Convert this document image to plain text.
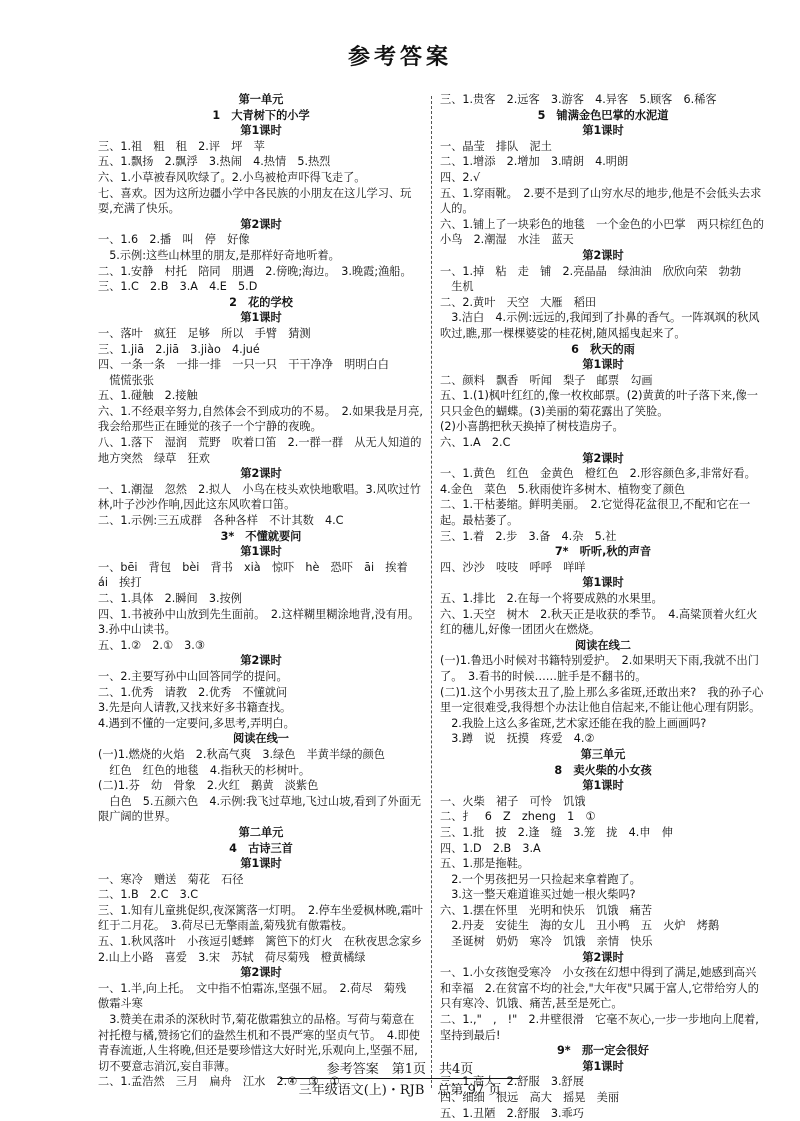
参考答案
第一单元
1　大青树下的小学
第1课时
三、1.祖　粗　租　2.评　坪　苹
五、1.飘扬　2.飘浮　3.热闹　4.热情　5.热烈
六、1.小草被春风吹绿了。2.小鸟被枪声吓得飞走了。
七、喜欢。因为这所边疆小学中各民族的小朋友在这儿学习、玩耍,充满了快乐。
第2课时
一、1.6　2.播　叫　停　好像
　5.示例:这些山林里的朋友,是那样好奇地听着。
二、1.安静　村托　陪同　朋遇　2.傍晚;海边。　3.晚霞;渔船。
三、1.C　2.B　3.A　4.E　5.D
2　花的学校
第1课时
一、落叶　疯狂　足够　所以　手臂　猜测
三、1.jiā　2.jiā　3.jiào　4.jué
四、一条一条　一排一排　一只一只　干干净净　明明白白
　慌慌张张
五、1.碰触　2.接触
六、1.不经艰辛努力,自然体会不到成功的不易。　2.如果我是月亮,我会给那些正在睡觉的孩子一个宁静的夜晚。
八、1.落下　湿润　荒野　吹着口笛　2.一群一群　从无人知道的地方突然　绿草　狂欢
第2课时
一、1.潮湿　忽然　2.拟人　小鸟在枝头欢快地歌唱。3.风吹过竹林,叶子沙沙作响,因此这东风吹着口笛。
二、1.示例:三五成群　各种各样　不计其数　4.C
3*　不懂就要问
第1课时
一、bēi　背包　bèi　背书　xià　惊吓　hè　恐吓　āi　挨着　ái　挨打
二、1.具体　2.瞬间　3.按例
四、1.书被孙中山放到先生面前。　2.这样糊里糊涂地背,没有用。　3.孙中山读书。
五、1.②　2.①　3.③
第2课时
一、2.主要写孙中山回答同学的提问。
二、1.优秀　请教　2.优秀　不懂就问
3.先是向人请教,又找来好多书籍查找。
4.遇到不懂的一定要问,多思考,弄明白。
阅读在线一
(一)1.燃烧的火焰　2.秋高气爽　3.绿色　半黄半绿的颜色
　红色　红色的地毯　4.指秋天的杉树叶。
(二)1.芬　幼　骨象　2.火红　鹅黄　淡紫色
　白色　5.五颜六色　4.示例:我飞过草地,飞过山坡,看到了外面无限广阔的世界。
第二单元
4　古诗三首
第1课时
一、寒冷　赠送　菊花　石径
二、1.B　2.C　3.C
三、1.知有儿童挑促织,夜深篱落一灯明。　2.停车坐爱枫林晚,霜叶红于二月花。　3.荷尽已无擎雨盖,菊残犹有傲霜枝。
五、1.秋风落叶　小孩逗引蟋蟀　篱笆下的灯火　在秋夜思念家乡　2.山上小路　喜爱　3.宋　苏轼　荷尽菊残　橙黄橘绿
第2课时
一、1.半,向上托。　文中指不怕霜冻,坚强不屈。　2.荷尽　菊残　傲霜斗寒
　3.赞美在肃杀的深秋时节,菊花傲霜独立的品格。写荷与菊意在衬托橙与橘,赞扬它们的盎然生机和不畏严寒的坚贞气节。　4.即使青春流逝,人生将晚,但还是要珍惜这大好时光,乐观向上,坚强不屈,切不要意志消沉,妄自菲薄。
二、1.孟浩然　三月　扁舟　江水　2.④　③　①
三、1.贵客　2.远客　3.游客　4.异客　5.顾客　6.稀客
5　铺满金色巴掌的水泥道
第1课时
一、晶莹　排队　泥土
二、1.增添　2.增加　3.晴朗　4.明朗
四、2.√
五、1.穿雨靴。　2.要不是到了山穷水尽的地步,他是不会低头去求人的。
六、1.铺上了一块彩色的地毯　一个金色的小巴掌　两只棕红色的小鸟　2.潮湿　水洼　蓝天
第2课时
一、1.掉　粘　走　铺　2.亮晶晶　绿油油　欣欣向荣　勃勃
　生机
二、2.黄叶　天空　大雁　稻田
　3.洁白　4.示例:远远的,我闻到了扑鼻的香气。一阵飒飒的秋风吹过,瞧,那一棵棵婆娑的桂花树,随风摇曳起来了。
6　秋天的雨
第1课时
二、颜料　飘香　听闻　梨子　邮票　勾画
五、1.(1)枫叶红红的,像一枚枚邮票。(2)黄黄的叶子落下来,像一只只金色的蝴蝶。(3)美丽的菊花露出了笑脸。
(2)小喜鹊把秋天换掉了树枝造房子。
六、1.A　2.C
第2课时
一、1.黄色　红色　金黄色　橙红色　2.形容颜色多,非常好看。　4.金色　菜色　5.秋雨使许多树木、植物变了颜色
二、1.干枯萎缩。鲜明美丽。　2.它觉得花盆很卫,不配和它在一起。最枯萎了。
三、1.着　2.步　3.备　4.杂　5.社
7*　听听,秋的声音
四、沙沙　吱吱　呼呼　咩咩
第1课时
五、1.排比　2.在每一个将要成熟的水果里。
六、1.天空　树木　2.秋天正是收获的季节。　4.高粱顶着火红火红的穗儿,好像一团团火在燃烧。
阅读在线二
(一)1.鲁迅小时候对书籍特别爱护。　2.如果明天下雨,我就不出门了。　3.看书的时候……脏手是不翻书的。
(二)1.这个小男孩太丑了,脸上那么多雀斑,还敢出来?　我的孙子心里一定很难受,我得想个办法让他自信起来,不能让他心理有阴影。
　2.我脸上这么多雀斑,艺术家还能在我的脸上画画吗?
　3.蹲　说　抚摸　疼爱　4.②
第三单元
8　卖火柴的小女孩
第1课时
一、火柴　裙子　可怜　饥饿
二、扌　6　Z　zheng　1　①
三、1.批　披　2.逢　缝　3.笼　拢　4.申　伸
四、1.D　2.B　3.A
五、1.那是拖鞋。
　2.一个男孩把另一只捡起来拿着跑了。
　3.这一整天难道谁买过她一根火柴吗?
六、1.摆在怀里　光明和快乐　饥饿　痛苦
　2.丹麦　安徒生　海的女儿　丑小鸭　五　火炉　烤鹅
　圣诞树　奶奶　寒冷　饥饿　亲情　快乐
第2课时
一、1.小女孩饱受寒冷　小女孩在幻想中得到了满足,她感到高兴和幸福　2.在贫富不均的社会,"大年夜"只属于富人,它带给穷人的只有寒冷、饥饿、痛苦,甚至是死亡。
二、1.,"　,　!"　2.井壁很滑　它毫不灰心,一步一步地向上爬着,坚持到最后!
9*　那一定会很好
第1课时
三、1.高大　2.舒服　3.舒展
四、细细　很远　高大　摇晃　美丽
五、1.丑陋　2.舒服　3.乖巧
参考答案　第1页　共4页
三年级语文(上)・RJB　总第 97 页
